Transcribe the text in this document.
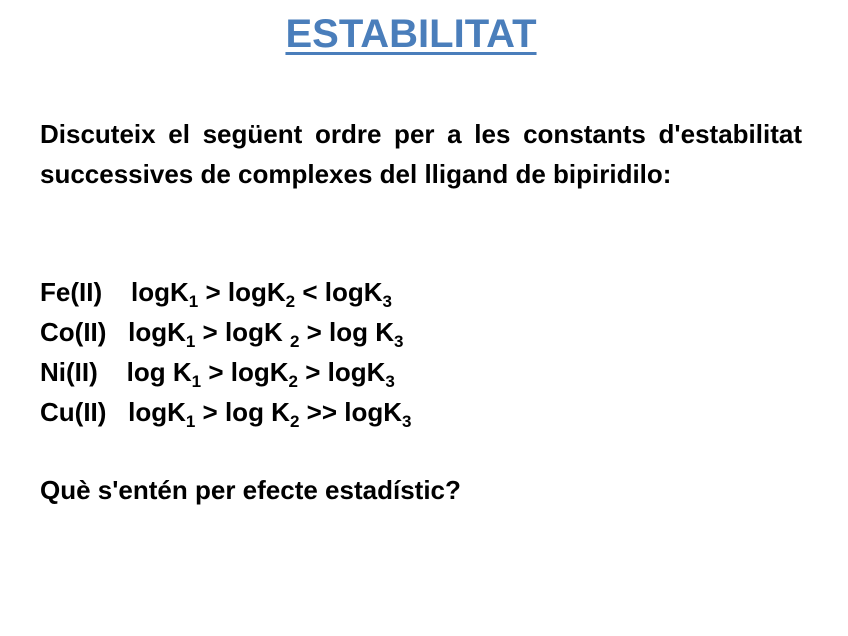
ESTABILITAT
Discuteix el següent ordre per a les constants d'estabilitat successives de complexes del lligand de bipiridilo:
Fe(II) logK$_1$ > logK$_2$ < logK$_3$
Co(II) logK$_1$ > logK $_2 > \log K_3$
Ni(II) $\log K_1 > \log K_2 > \log K_3$
Cu(II) $\log K_1 > \log K_2 >> \log K_3$
Què s'entén per efecte estadístic?
